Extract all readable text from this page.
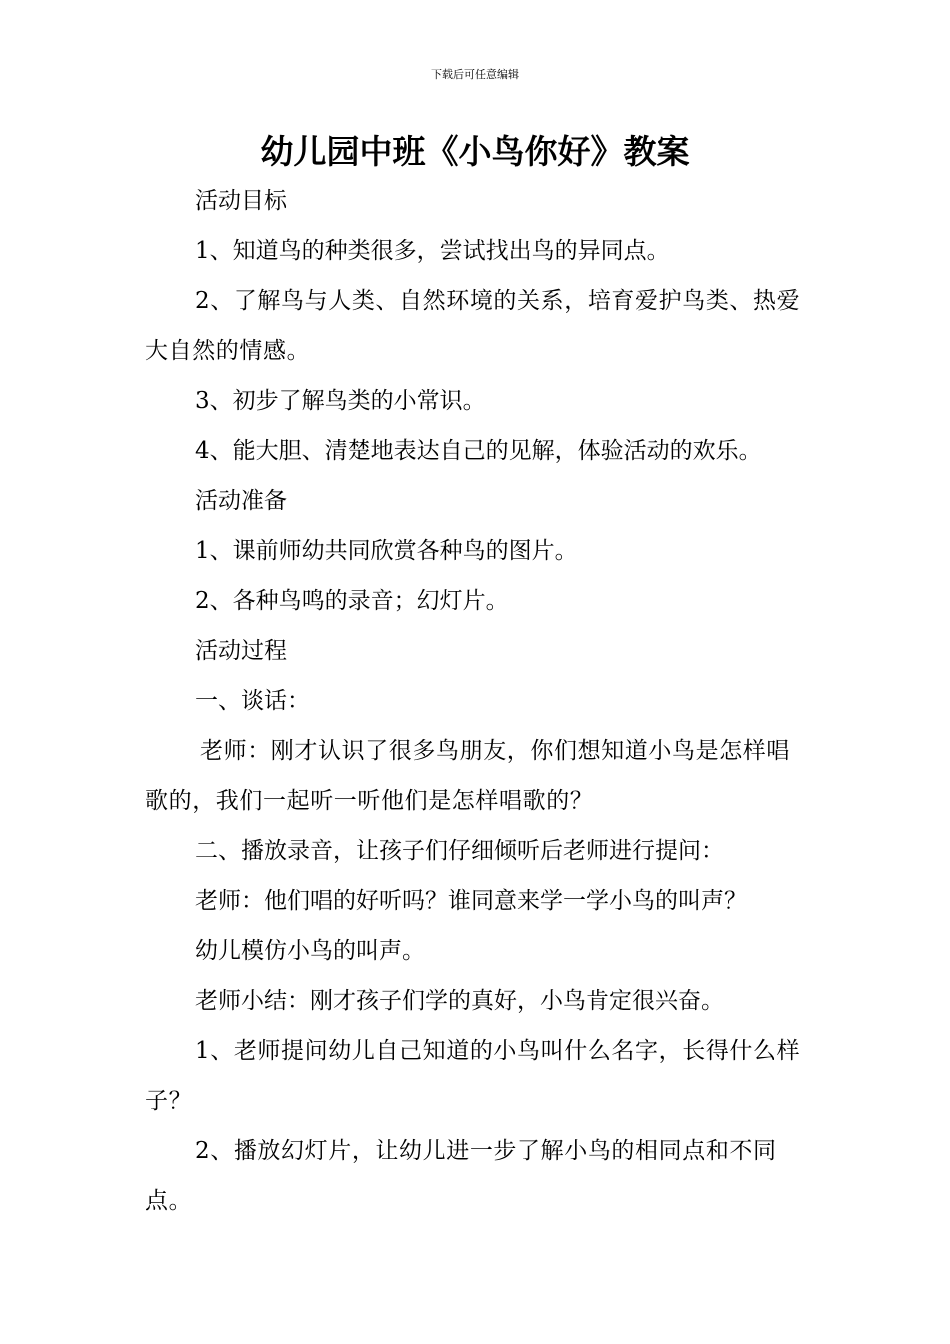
下载后可任意编辑
幼儿园中班《小鸟你好》教案

活动目标

1、知道鸟的种类很多，尝试找出鸟的异同点。

2、了解鸟与人类、自然环境的关系，培育爱护鸟类、热爱大自然的情感。

3、初步了解鸟类的小常识。

4、能大胆、清楚地表达自己的见解，体验活动的欢乐。

活动准备

1、课前师幼共同欣赏各种鸟的图片。

2、各种鸟鸣的录音；幻灯片。

活动过程

一、谈话：

老师：刚才认识了很多鸟朋友，你们想知道小鸟是怎样唱歌的，我们一起听一听他们是怎样唱歌的？

二、播放录音，让孩子们仔细倾听后老师进行提问：

老师：他们唱的好听吗？谁同意来学一学小鸟的叫声？

幼儿模仿小鸟的叫声。

老师小结：刚才孩子们学的真好，小鸟肯定很兴奋。

1、老师提问幼儿自己知道的小鸟叫什么名字，长得什么样子？

2、播放幻灯片，让幼儿进一步了解小鸟的相同点和不同点。
